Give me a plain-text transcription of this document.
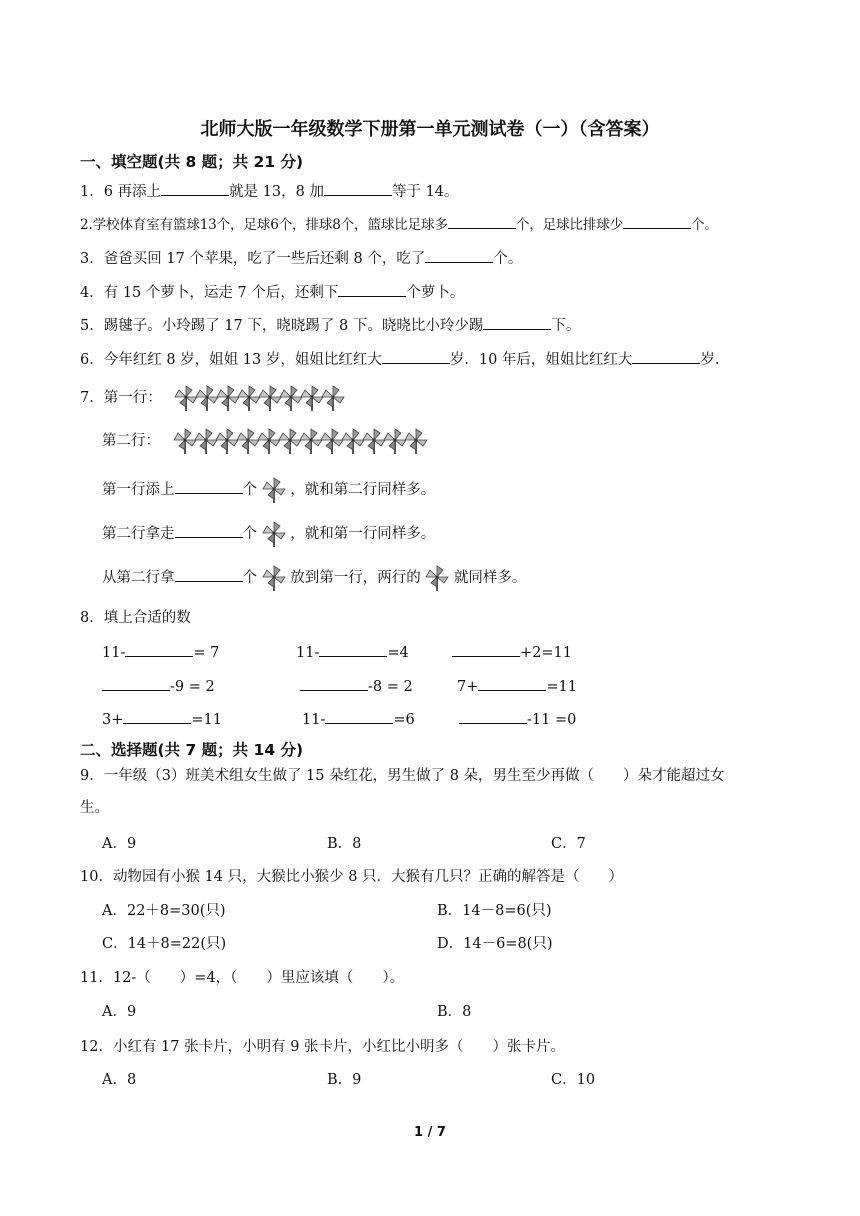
北师大版一年级数学下册第一单元测试卷（一）（含答案）
一、填空题(共 8 题；共 21 分)
1．6 再添上	就是 13，8 加	等于 14。
2.学校体育室有篮球13个，足球6个，排球8个，篮球比足球多	个，足球比排球少	个。
3．爸爸买回 17 个苹果，吃了一些后还剩 8 个，吃了	个。
4．有 15 个萝卜，运走 7 个后，还剩下	个萝卜。
5．踢毽子。小玲踢了 17 下，晓晓踢了 8 下。晓晓比小玲少踢	下。
6．今年红红 8 岁，姐姐 13 岁，姐姐比红红大	岁．10 年后，姐姐比红红大	岁.
7．第一行：
第二行：
第一行添上	个 ，就和第二行同样多。
第二行拿走	个 ，就和第一行同样多。
从第二行拿	个 放到第一行，两行的 就同样多。
8．填上合适的数
11-	= 7	11-	=4	+2=11
-9 = 2	-8 = 2	7+	=11
3+	=11	11-	=6	-11 =0
二、选择题(共 7 题；共 14 分)
9．一年级（3）班美术组女生做了 15 朵红花，男生做了 8 朵，男生至少再做（　　）朵才能超过女
生。
A．9	B．8	C．7
10．动物园有小猴 14 只，大猴比小猴少 8 只．大猴有几只？正确的解答是（　　）
A．22＋8=30(只)	B．14－8=6(只)
C．14＋8=22(只)	D．14－6=8(只)
11．12-（　　）=4，（　　）里应该填（　　）。
A．9	B．8
12．小红有 17 张卡片，小明有 9 张卡片，小红比小明多（　　）张卡片。
A．8	B．9	C．10
1 / 7
